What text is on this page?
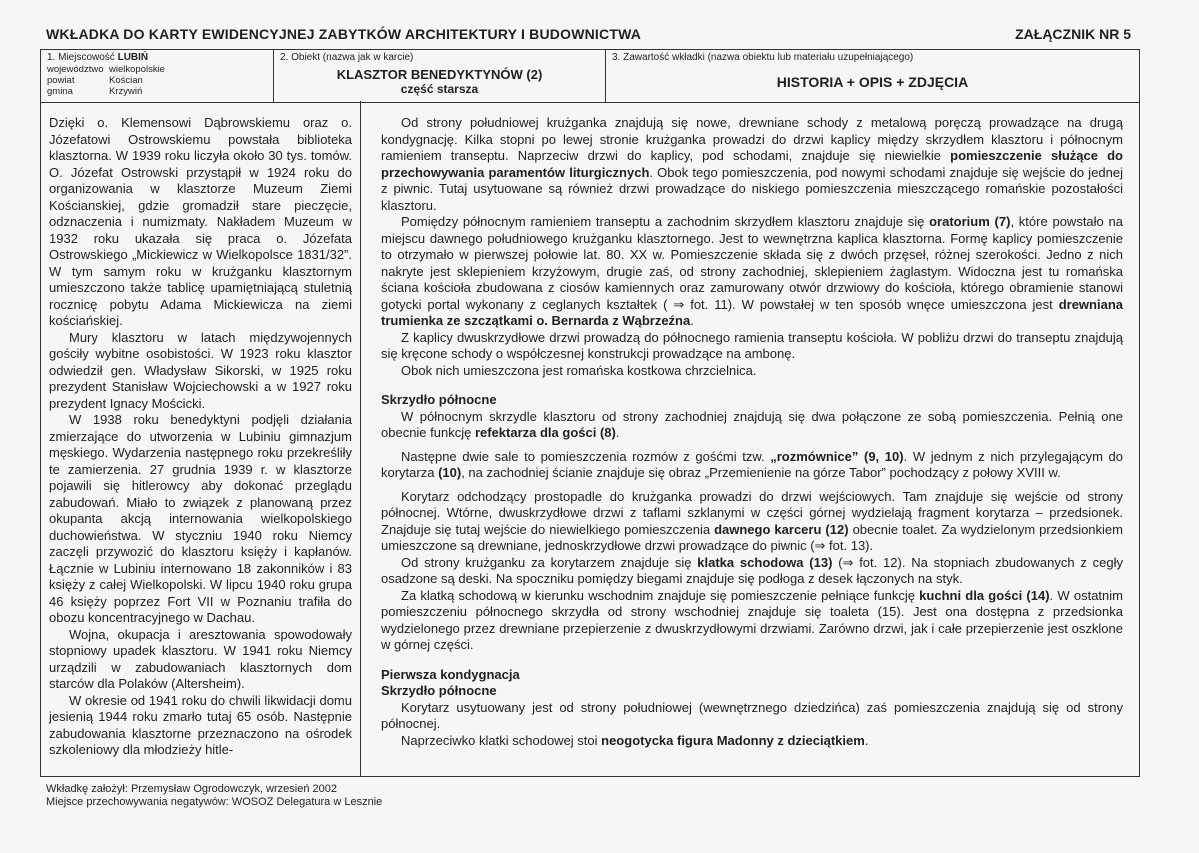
WKŁADKA DO KARTY EWIDENCYJNEJ ZABYTKÓW ARCHITEKTURY I BUDOWNICTWA	ZAŁĄCZNIK NR 5
1. Miejscowość LUBIŃ
województwo wielkopolskie
powiat	Kościan
gmina	Krzywiń
2. Obiekt (nazwa jak w karcie)
KLASZTOR BENEDYKTYNÓW (2)
część starsza
3. Zawartość wkładki (nazwa obiektu lub materiału uzupełniającego)
HISTORIA + OPIS + ZDJĘCIA

Dzięki o. Klemensowi Dąbrowskiemu oraz o. Józefatowi Ostrowskiemu powstała biblioteka klasztorna. W 1939 roku liczyła około 30 tys. tomów. O. Józefat Ostrowski przystąpił w 1924 roku do organizowania w klasztorze Muzeum Ziemi Kościanskiej, gdzie gromadził stare pieczęcie, odznaczenia i numizmaty. Nakładem Muzeum w 1932 roku ukazała się praca o. Józefata Ostrowskiego „Mickiewicz w Wielkopolsce 1831/32”. W tym samym roku w krużganku klasztornym umieszczono także tablicę upamiętniającą stuletnią rocznicę pobytu Adama Mickiewicza na ziemi kościańskiej.

Mury klasztoru w latach międzywojennych gościły wybitne osobistości. W 1923 roku klasztor odwiedził gen. Władysław Sikorski, w 1925 roku prezydent Stanisław Wojciechowski a w 1927 roku prezydent Ignacy Mościcki.

W 1938 roku benedyktyni podjęli działania zmierzające do utworzenia w Lubiniu gimnazjum męskiego. Wydarzenia następnego roku przekreśliły te zamierzenia. 27 grudnia 1939 r. w klasztorze pojawili się hitlerowcy aby dokonać przeglądu zabudowań. Miało to związek z planowaną przez okupanta akcją internowania wielkopolskiego duchowieństwa. W styczniu 1940 roku Niemcy zaczęli przywozić do klasztoru księży i kapłanów. Łącznie w Lubiniu internowano 18 zakonników i 83 księży z całej Wielkopolski. W lipcu 1940 roku grupa 46 księży poprzez Fort VII w Poznaniu trafiła do obozu koncentracyjnego w Dachau.

Wojna, okupacja i aresztowania spowodowały stopniowy upadek klasztoru. W 1941 roku Niemcy urządzili w zabudowaniach klasztornych dom starców dla Polaków (Altersheim).

W okresie od 1941 roku do chwili likwidacji domu jesienią 1944 roku zmarło tutaj 65 osób. Następnie zabudowania klasztorne przeznaczono na ośrodek szkoleniowy dla młodzieży hitle-

Od strony południowej krużganka znajdują się nowe, drewniane schody z metalową poręczą prowadzące na drugą kondygnację. Kilka stopni po lewej stronie krużganka prowadzi do drzwi kaplicy między skrzydłem klasztoru i północnym ramieniem transeptu. Naprzeciw drzwi do kaplicy, pod schodami, znajduje się niewielkie pomieszczenie służące do przechowywania paramentów liturgicznych. Obok tego pomieszczenia, pod nowymi schodami znajduje się wejście do jednej z piwnic. Tutaj usytuowane są również drzwi prowadzące do niskiego pomieszczenia mieszczącego romańskie pozostałości klasztoru.

Pomiędzy północnym ramieniem transeptu a zachodnim skrzydłem klasztoru znajduje się oratorium (7), które powstało na miejscu dawnego południowego krużganku klasztornego. Jest to wewnętrzna kaplica klasztorna. Formę kaplicy pomieszczenie to otrzymało w pierwszej połowie lat. 80. XX w. Pomieszczenie składa się z dwóch przęseł, różnej szerokości. Jedno z nich nakryte jest sklepieniem krzyżowym, drugie zaś, od strony zachodniej, sklepieniem żaglastym. Widoczna jest tu romańska ściana kościoła zbudowana z ciosów kamiennych oraz zamurowany otwór drzwiowy do kościoła, którego obramienie stanowi gotycki portal wykonany z ceglanych kształtek ( ⇒ fot. 11). W powstałej w ten sposób wnęce umieszczona jest drewniana trumienka ze szczątkami o. Bernarda z Wąbrzeźna.

Z kaplicy dwuskrzydłowe drzwi prowadzą do północnego ramienia transeptu kościoła. W pobliżu drzwi do transeptu znajdują się kręcone schody o współczesnej konstrukcji prowadzące na ambonę.

Obok nich umieszczona jest romańska kostkowa chrzcielnica.

Skrzydło północne

W północnym skrzydle klasztoru od strony zachodniej znajdują się dwa połączone ze sobą pomieszczenia. Pełnią one obecnie funkcję refektarza dla gości (8).

Następne dwie sale to pomieszczenia rozmów z gośćmi tzw. „rozmównice” (9, 10). W jednym z nich przylegającym do korytarza (10), na zachodniej ścianie znajduje się obraz „Przemienienie na górze Tabor” pochodzący z połowy XVIII w.

Korytarz odchodzący prostopadle do krużganka prowadzi do drzwi wejściowych. Tam znajduje się wejście od strony północnej. Wtórne, dwuskrzydłowe drzwi z taflami szklanymi w części górnej wydzielają fragment korytarza – przedsionek. Znajduje się tutaj wejście do niewielkiego pomieszczenia dawnego karceru (12) obecnie toalet. Za wydzielonym przedsionkiem umieszczone są drewniane, jednoskrzydłowe drzwi prowadzące do piwnic (⇒ fot. 13).

Od strony krużganku za korytarzem znajduje się klatka schodowa (13) (⇒ fot. 12). Na stopniach zbudowanych z cegły osadzone są deski. Na spoczniku pomiędzy biegami znajduje się podłoga z desek łączonych na styk.

Za klatką schodową w kierunku wschodnim znajduje się pomieszczenie pełniące funkcję kuchni dla gości (14). W ostatnim pomieszczeniu północnego skrzydła od strony wschodniej znajduje się toaleta (15). Jest ona dostępna z przedsionka wydzielonego przez drewniane przepierzenie z dwuskrzydłowymi drzwiami. Zarówno drzwi, jak i całe przepierzenie jest oszklone w górnej części.

Pierwsza kondygnacja

Skrzydło północne

Korytarz usytuowany jest od strony południowej (wewnętrznego dziedzińca) zaś pomieszczenia znajdują się od strony północnej.

Naprzeciwko klatki schodowej stoi neogotycka figura Madonny z dzieciątkiem.

Wkładkę założył: Przemysław Ogrodowczyk, wrzesień 2002
Miejsce przechowywania negatywów: WOSOZ Delegatura w Lesznie
